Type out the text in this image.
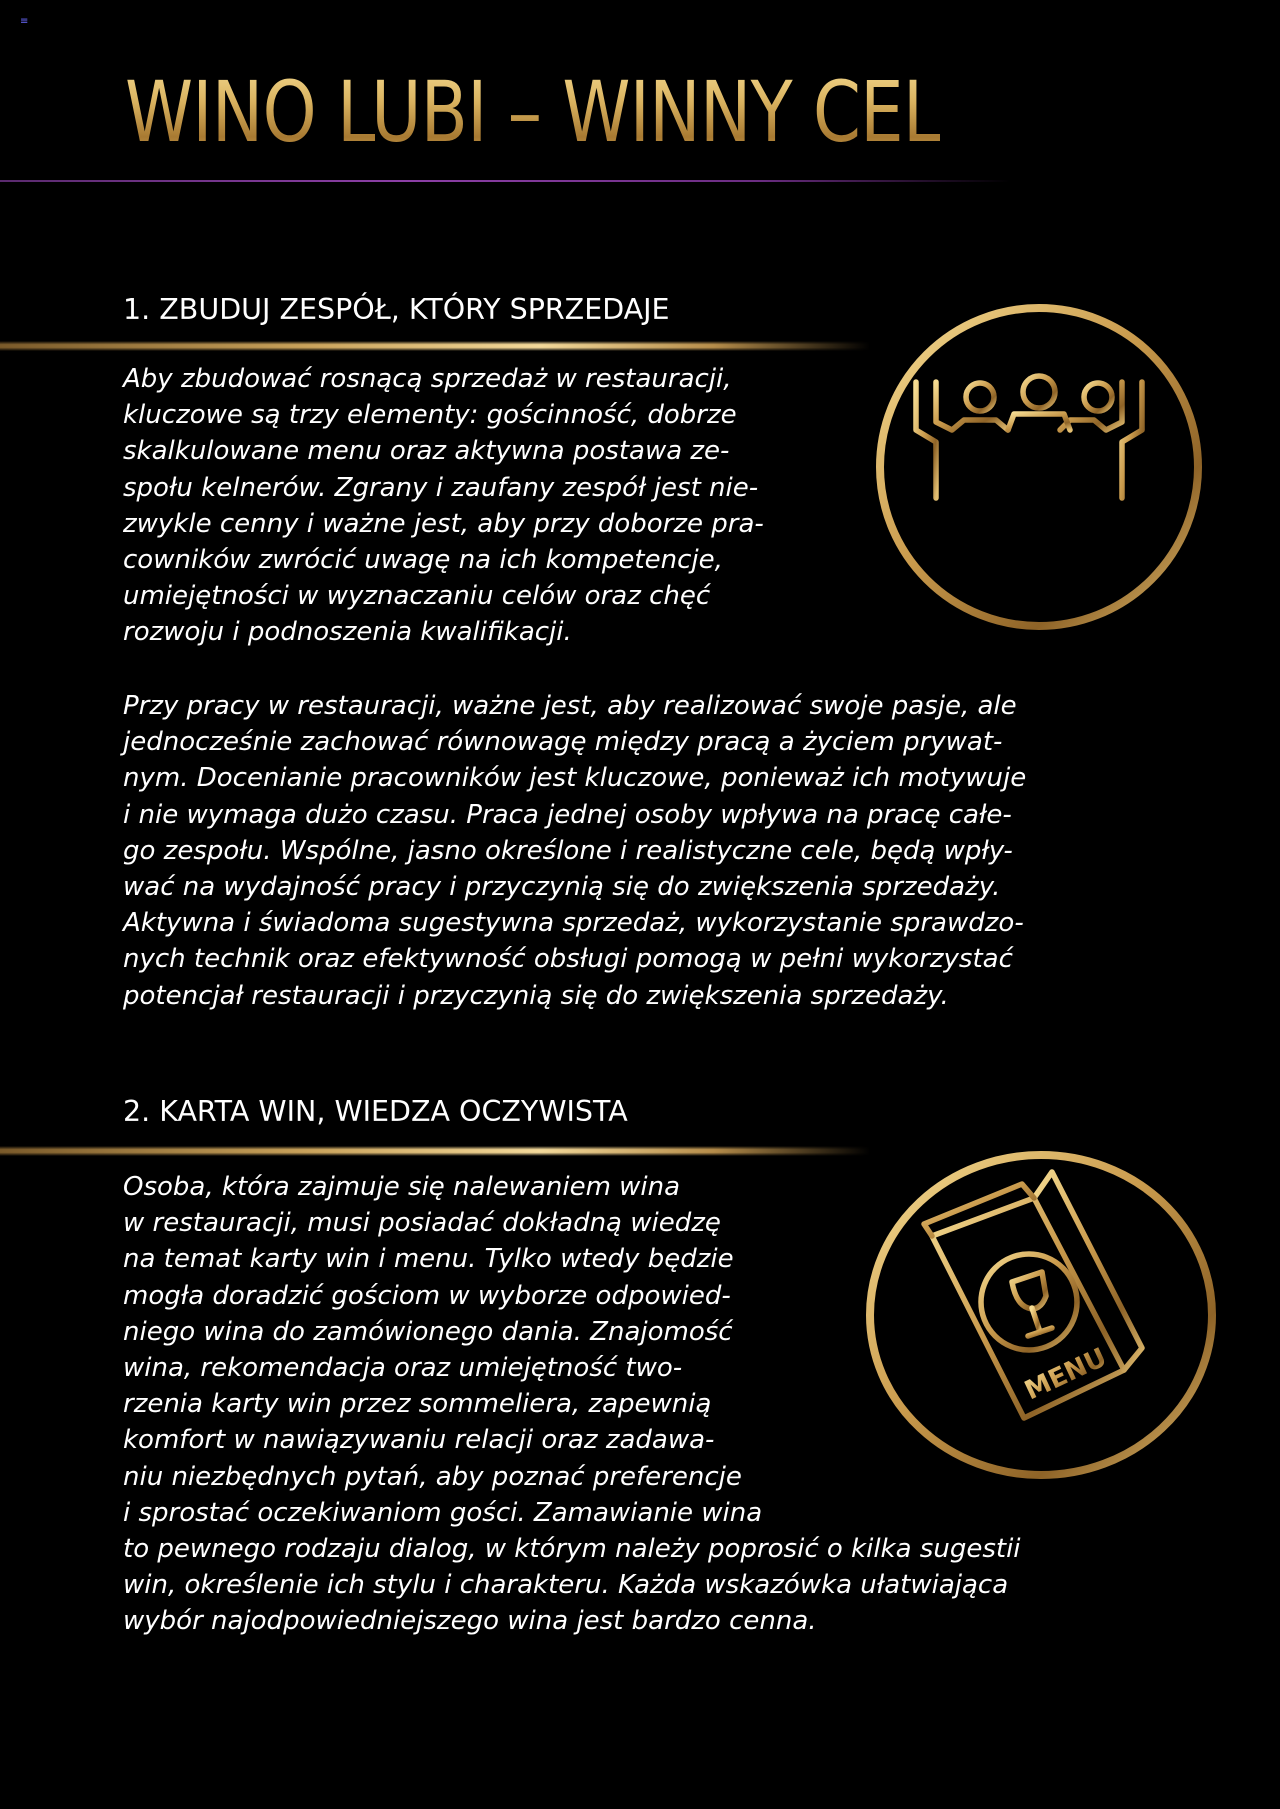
≡
WINO LUBI – WINNY CEL
1. ZBUDUJ ZESPÓŁ, KTÓRY SPRZEDAJE
Aby zbudować rosnącą sprzedaż w restauracji,
kluczowe są trzy elementy: gościnność, dobrze
skalkulowane menu oraz aktywna postawa ze-
społu kelnerów. Zgrany i zaufany zespół jest nie-
zwykle cenny i ważne jest, aby przy doborze pra-
cowników zwrócić uwagę na ich kompetencje,
umiejętności w wyznaczaniu celów oraz chęć
rozwoju i podnoszenia kwalifikacji.
Przy pracy w restauracji, ważne jest, aby realizować swoje pasje, ale
jednocześnie zachować równowagę między pracą a życiem prywat-
nym. Docenianie pracowników jest kluczowe, ponieważ ich motywuje
i nie wymaga dużo czasu. Praca jednej osoby wpływa na pracę całe-
go zespołu. Wspólne, jasno określone i realistyczne cele, będą wpły-
wać na wydajność pracy i przyczynią się do zwiększenia sprzedaży.
Aktywna i świadoma sugestywna sprzedaż, wykorzystanie sprawdzo-
nych technik oraz efektywność obsługi pomogą w pełni wykorzystać
potencjał restauracji i przyczynią się do zwiększenia sprzedaży.
2. KARTA WIN, WIEDZA OCZYWISTA
Osoba, która zajmuje się nalewaniem wina
w restauracji, musi posiadać dokładną wiedzę
na temat karty win i menu. Tylko wtedy będzie
mogła doradzić gościom w wyborze odpowied-
niego wina do zamówionego dania. Znajomość
wina, rekomendacja oraz umiejętność two-
rzenia karty win przez sommeliera, zapewnią
komfort w nawiązywaniu relacji oraz zadawa-
niu niezbędnych pytań, aby poznać preferencje
i sprostać oczekiwaniom gości. Zamawianie wina
to pewnego rodzaju dialog, w którym należy poprosić o kilka sugestii
win, określenie ich stylu i charakteru. Każda wskazówka ułatwiająca
wybór najodpowiedniejszego wina jest bardzo cenna.
MENU
